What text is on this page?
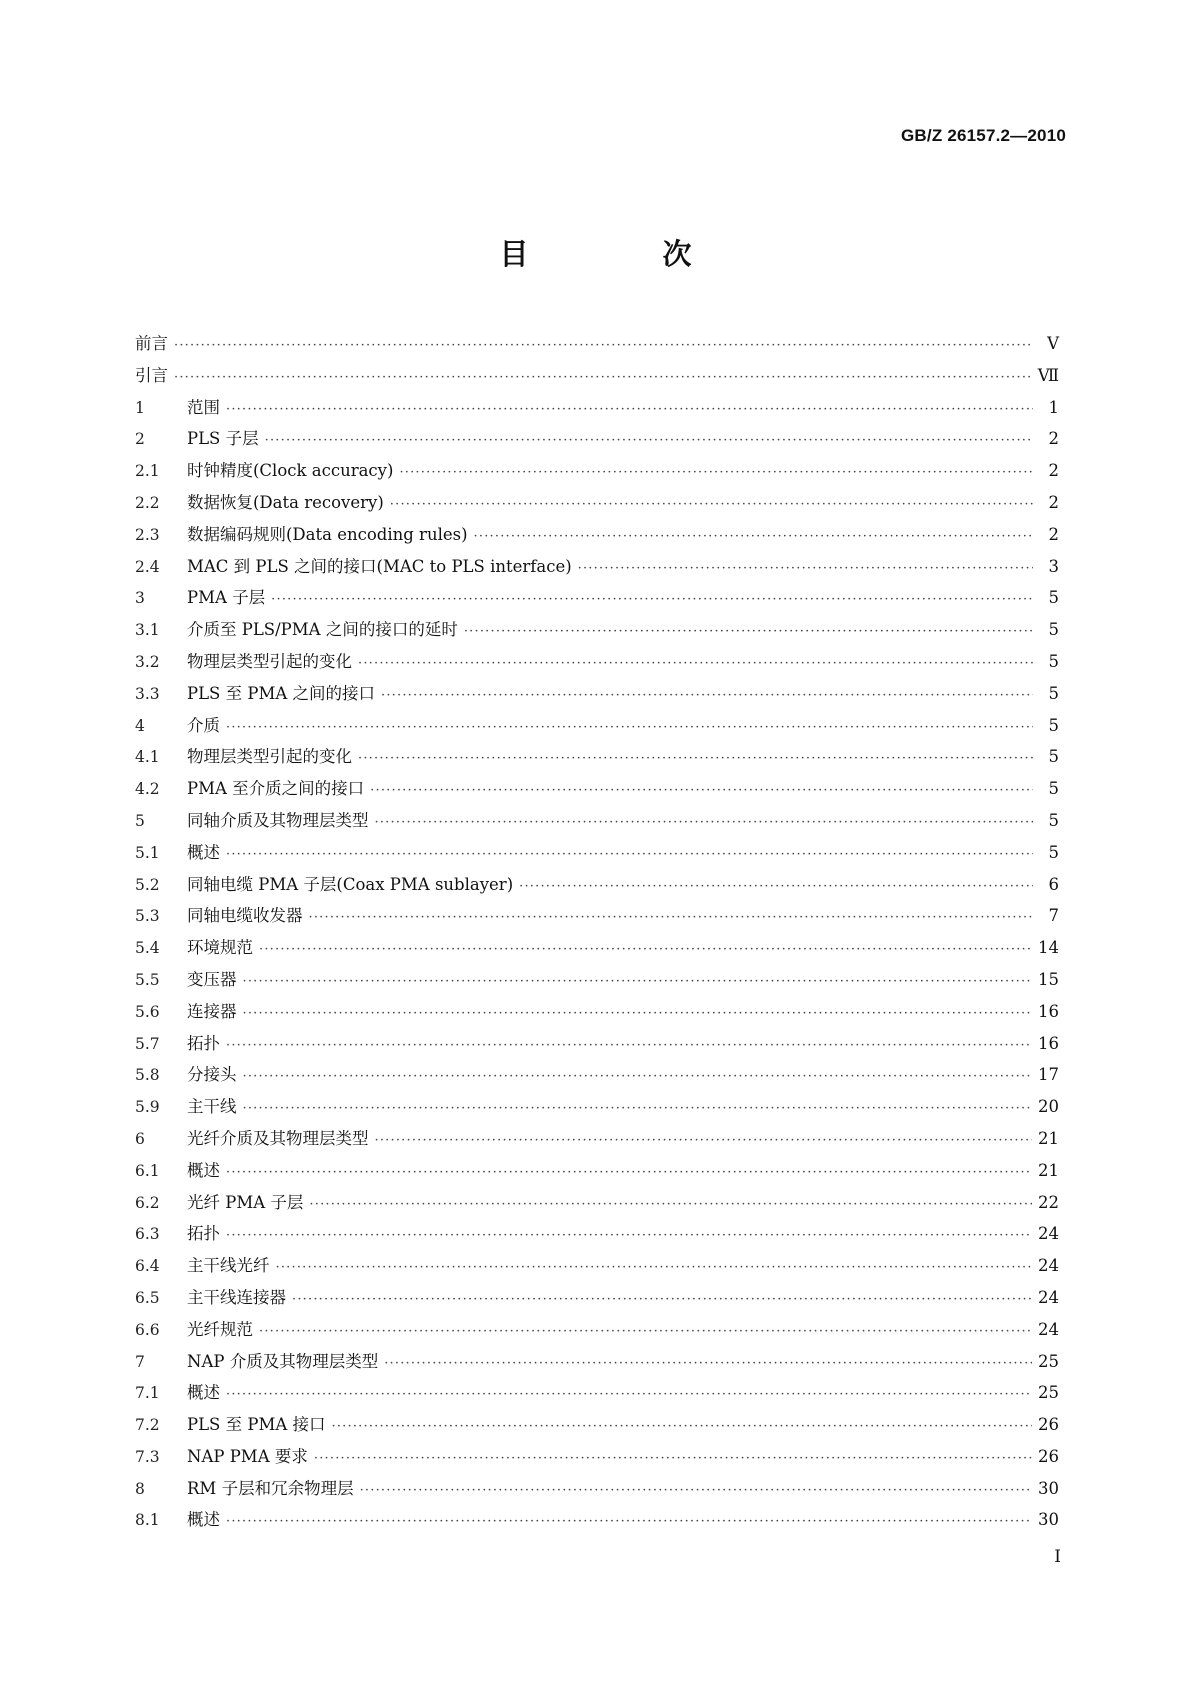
GB/Z 26157.2—2010
目 次
前言 ·····	Ⅴ
引言 ·····	Ⅶ
1	范围 ·····	1
2	PLS 子层 ·····	2
2.1	时钟精度(Clock accuracy) ·····	2
2.2	数据恢复(Data recovery) ·····	2
2.3	数据编码规则(Data encoding rules) ·····	2
2.4	MAC 到 PLS 之间的接口(MAC to PLS interface) ·····	3
3	PMA 子层 ·····	5
3.1	介质至 PLS/PMA 之间的接口的延时 ·····	5
3.2	物理层类型引起的变化 ·····	5
3.3	PLS 至 PMA 之间的接口 ·····	5
4	介质 ·····	5
4.1	物理层类型引起的变化 ·····	5
4.2	PMA 至介质之间的接口 ·····	5
5	同轴介质及其物理层类型 ·····	5
5.1	概述 ·····	5
5.2	同轴电缆 PMA 子层(Coax PMA sublayer) ·····	6
5.3	同轴电缆收发器 ·····	7
5.4	环境规范 ·····	14
5.5	变压器 ·····	15
5.6	连接器 ·····	16
5.7	拓扑 ·····	16
5.8	分接头 ·····	17
5.9	主干线 ·····	20
6	光纤介质及其物理层类型 ·····	21
6.1	概述 ·····	21
6.2	光纤 PMA 子层 ·····	22
6.3	拓扑 ·····	24
6.4	主干线光纤 ·····	24
6.5	主干线连接器 ·····	24
6.6	光纤规范 ·····	24
7	NAP 介质及其物理层类型 ·····	25
7.1	概述 ·····	25
7.2	PLS 至 PMA 接口 ·····	26
7.3	NAP PMA 要求 ·····	26
8	RM 子层和冗余物理层 ·····	30
8.1	概述 ·····	30
Ⅰ
